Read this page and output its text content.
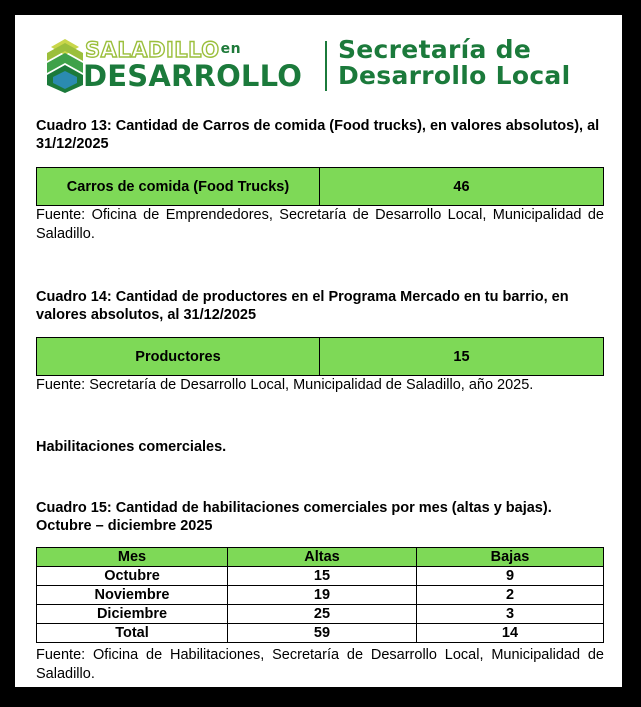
SALADILLOen
DESARROLLO
Secretaría de
Desarrollo Local
Cuadro 13: Cantidad de Carros de comida (Food trucks), en valores absolutos), al 31/12/2025
Carros de comida (Food Trucks)	46
Fuente: Oficina de Emprendedores, Secretaría de Desarrollo Local, Municipalidad de Saladillo.
Cuadro 14: Cantidad de productores en el Programa Mercado en tu barrio, en valores absolutos, al 31/12/2025
Productores	15
Fuente: Secretaría de Desarrollo Local, Municipalidad de Saladillo, año 2025.
Habilitaciones comerciales.
Cuadro 15: Cantidad de habilitaciones comerciales por mes (altas y bajas). Octubre – diciembre 2025
Mes	Altas	Bajas
Octubre	15	9
Noviembre	19	2
Diciembre	25	3
Total	59	14
Fuente: Oficina de Habilitaciones, Secretaría de Desarrollo Local, Municipalidad de Saladillo.
